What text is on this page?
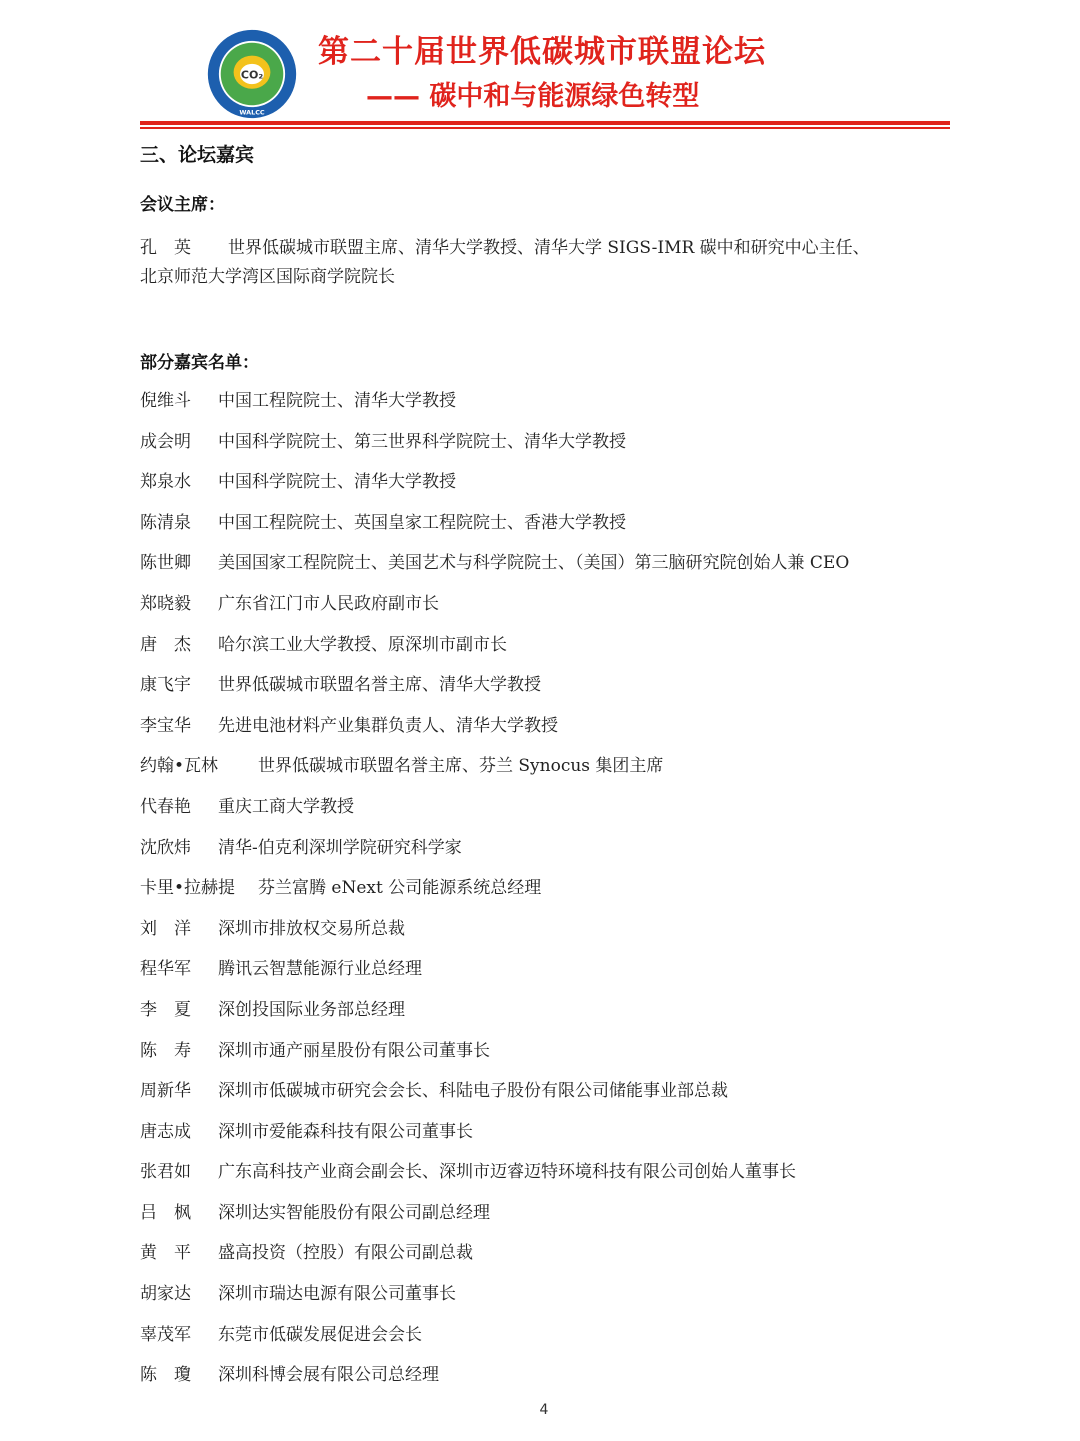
CO₂
WALCC
第二十届世界低碳城市联盟论坛
—— 碳中和与能源绿色转型
三、论坛嘉宾
会议主席：
孔　英 世界低碳城市联盟主席、清华大学教授、清华大学 SIGS-IMR 碳中和研究中心主任、
北京师范大学湾区国际商学院院长
部分嘉宾名单：
倪维斗	中国工程院院士、清华大学教授
成会明	中国科学院院士、第三世界科学院院士、清华大学教授
郑泉水	中国科学院院士、清华大学教授
陈清泉	中国工程院院士、英国皇家工程院院士、香港大学教授
陈世卿	美国国家工程院院士、美国艺术与科学院院士、（美国）第三脑研究院创始人兼 CEO
郑晓毅	广东省江门市人民政府副市长
唐　杰	哈尔滨工业大学教授、原深圳市副市长
康飞宇	世界低碳城市联盟名誉主席、清华大学教授
李宝华	先进电池材料产业集群负责人、清华大学教授
约翰•瓦林	世界低碳城市联盟名誉主席、芬兰 Synocus 集团主席
代春艳	重庆工商大学教授
沈欣炜	清华-伯克利深圳学院研究科学家
卡里•拉赫提	芬兰富腾 eNext 公司能源系统总经理
刘　洋	深圳市排放权交易所总裁
程华军	腾讯云智慧能源行业总经理
李　夏	深创投国际业务部总经理
陈　寿	深圳市通产丽星股份有限公司董事长
周新华	深圳市低碳城市研究会会长、科陆电子股份有限公司储能事业部总裁
唐志成	深圳市爱能森科技有限公司董事长
张君如	广东高科技产业商会副会长、深圳市迈睿迈特环境科技有限公司创始人董事长
吕　枫	深圳达实智能股份有限公司副总经理
黄　平	盛高投资（控股）有限公司副总裁
胡家达	深圳市瑞达电源有限公司董事长
辜茂军	东莞市低碳发展促进会会长
陈　瓊	深圳科博会展有限公司总经理
4
